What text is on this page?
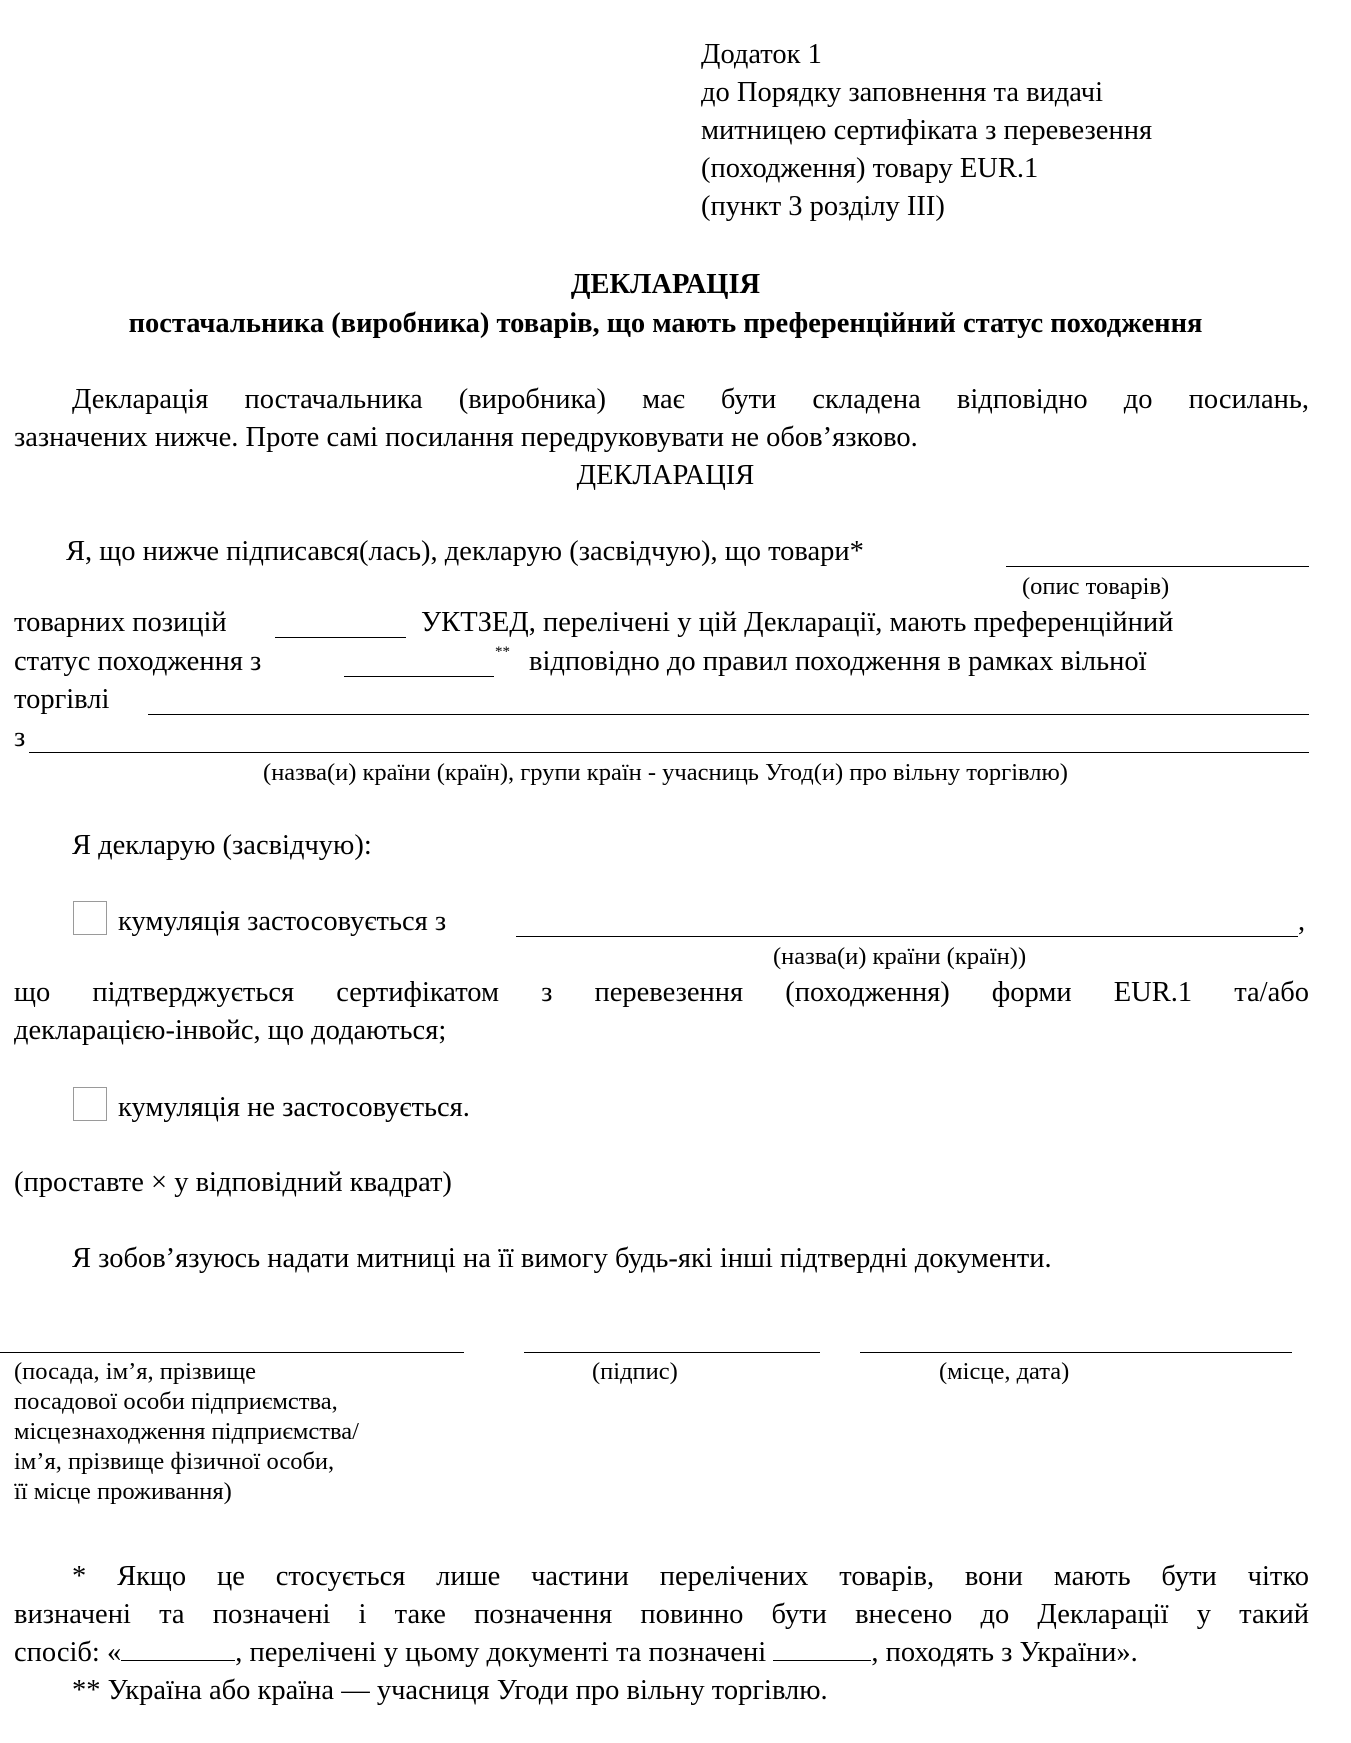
Додаток 1
до Порядку заповнення та видачі
митницею сертифіката з перевезення
(походження) товару EUR.1
(пункт 3 розділу III)
ДЕКЛАРАЦІЯ
постачальника (виробника) товарів, що мають преференційний статус походження
Декларація постачальника (виробника) має бути складена відповідно до посилань,
зазначених нижче. Проте самі посилання передруковувати не обов’язково.
ДЕКЛАРАЦІЯ
Я, що нижче підписався(лась), декларую (засвідчую), що товари*
(опис товарів)
товарних позицій	УКТЗЕД, перелічені у цій Декларації, мають преференційний
статус походження з	** відповідно до правил походження в рамках вільної
торгівлі
з
(назва(и) країни (країн), групи країн - учасниць Угод(и) про вільну торгівлю)
Я декларую (засвідчую):
кумуляція застосовується з	,
(назва(и) країни (країн))
що підтверджується сертифікатом з перевезення (походження) форми EUR.1 та/або
декларацією-інвойс, що додаються;
кумуляція не застосовується.
(проставте × у відповідний квадрат)
Я зобов’язуюсь надати митниці на її вимогу будь-які інші підтвердні документи.
(посада, ім’я, прізвище
посадової особи підприємства,
місцезнаходження підприємства/
ім’я, прізвище фізичної особи,
її місце проживання)
(підпис)	(місце, дата)
* Якщо це стосується лише частини перелічених товарів, вони мають бути чітко
визначені та позначені і таке позначення повинно бути внесено до Декларації у такий
спосіб: «	, перелічені у цьому документі та позначені	, походять з України».
** Україна або країна — учасниця Угоди про вільну торгівлю.
